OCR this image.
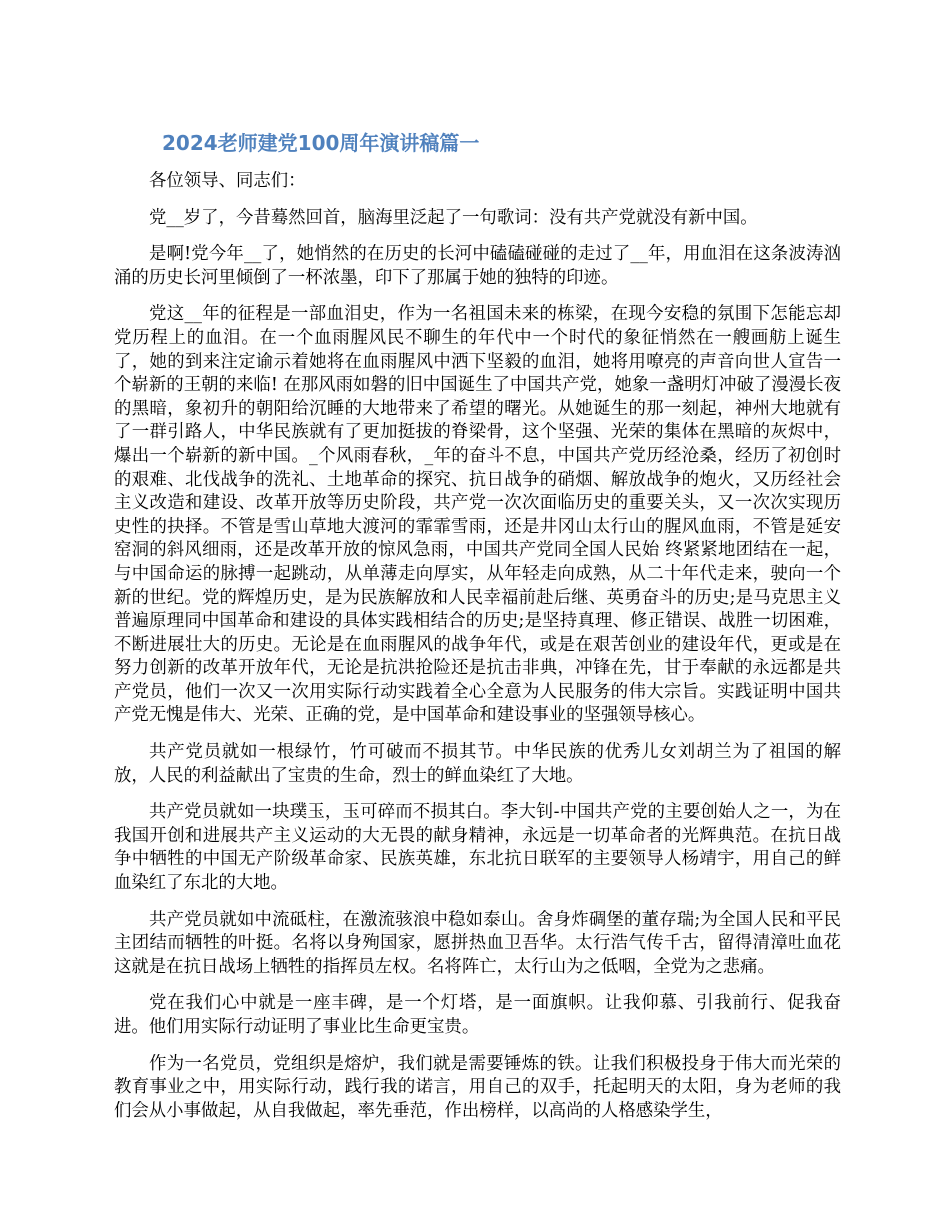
2024老师建党100周年演讲稿篇一

各位领导、同志们：

党__岁了，今昔蓦然回首，脑海里泛起了一句歌词：没有共产党就没有新中国。

是啊!党今年__了，她悄然的在历史的长河中磕磕碰碰的走过了__年，用血泪在这条波涛汹涌的历史长河里倾倒了一杯浓墨，印下了那属于她的独特的印迹。

党这__年的征程是一部血泪史，作为一名祖国未来的栋梁，在现今安稳的氛围下怎能忘却党历程上的血泪。在一个血雨腥风民不聊生的年代中一个时代的象征悄然在一艘画舫上诞生了，她的到来注定谕示着她将在血雨腥风中洒下坚毅的血泪，她将用嘹亮的声音向世人宣告一个崭新的王朝的来临! 在那风雨如磐的旧中国诞生了中国共产党，她象一盏明灯冲破了漫漫长夜的黑暗，象初升的朝阳给沉睡的大地带来了希望的曙光。从她诞生的那一刻起，神州大地就有了一群引路人，中华民族就有了更加挺拔的脊梁骨，这个坚强、光荣的集体在黑暗的灰烬中，爆出一个崭新的新中国。_个风雨春秋，_年的奋斗不息，中国共产党历经沧桑，经历了初创时的艰难、北伐战争的洗礼、土地革命的探究、抗日战争的硝烟、解放战争的炮火，又历经社会主义改造和建设、改革开放等历史阶段，共产党一次次面临历史的重要关头，又一次次实现历史性的抉择。不管是雪山草地大渡河的霏霏雪雨，还是井冈山太行山的腥风血雨，不管是延安窑洞的斜风细雨，还是改革开放的惊风急雨，中国共产党同全国人民始 终紧紧地团结在一起，与中国命运的脉搏一起跳动，从单薄走向厚实，从年轻走向成熟，从二十年代走来，驶向一个新的世纪。党的辉煌历史，是为民族解放和人民幸福前赴后继、英勇奋斗的历史;是马克思主义普遍原理同中国革命和建设的具体实践相结合的历史;是坚持真理、修正错误、战胜一切困难，不断进展壮大的历史。无论是在血雨腥风的战争年代，或是在艰苦创业的建设年代，更或是在努力创新的改革开放年代，无论是抗洪抢险还是抗击非典，冲锋在先，甘于奉献的永远都是共产党员，他们一次又一次用实际行动实践着全心全意为人民服务的伟大宗旨。实践证明中国共产党无愧是伟大、光荣、正确的党，是中国革命和建设事业的坚强领导核心。

共产党员就如一根绿竹，竹可破而不损其节。中华民族的优秀儿女刘胡兰为了祖国的解放，人民的利益献出了宝贵的生命，烈士的鲜血染红了大地。

共产党员就如一块璞玉，玉可碎而不损其白。李大钊-中国共产党的主要创始人之一，为在我国开创和进展共产主义运动的大无畏的献身精神，永远是一切革命者的光辉典范。在抗日战争中牺牲的中国无产阶级革命家、民族英雄，东北抗日联军的主要领导人杨靖宇，用自己的鲜血染红了东北的大地。

共产党员就如中流砥柱，在激流骇浪中稳如泰山。舍身炸碉堡的董存瑞;为全国人民和平民主团结而牺牲的叶挺。名将以身殉国家，愿拼热血卫吾华。太行浩气传千古，留得清漳吐血花这就是在抗日战场上牺牲的指挥员左权。名将阵亡，太行山为之低咽，全党为之悲痛。

党在我们心中就是一座丰碑，是一个灯塔，是一面旗帜。让我仰慕、引我前行、促我奋进。他们用实际行动证明了事业比生命更宝贵。

作为一名党员，党组织是熔炉，我们就是需要锤炼的铁。让我们积极投身于伟大而光荣的教育事业之中，用实际行动，践行我的诺言，用自己的双手，托起明天的太阳，身为老师的我们会从小事做起，从自我做起，率先垂范，作出榜样，以高尚的人格感染学生，
